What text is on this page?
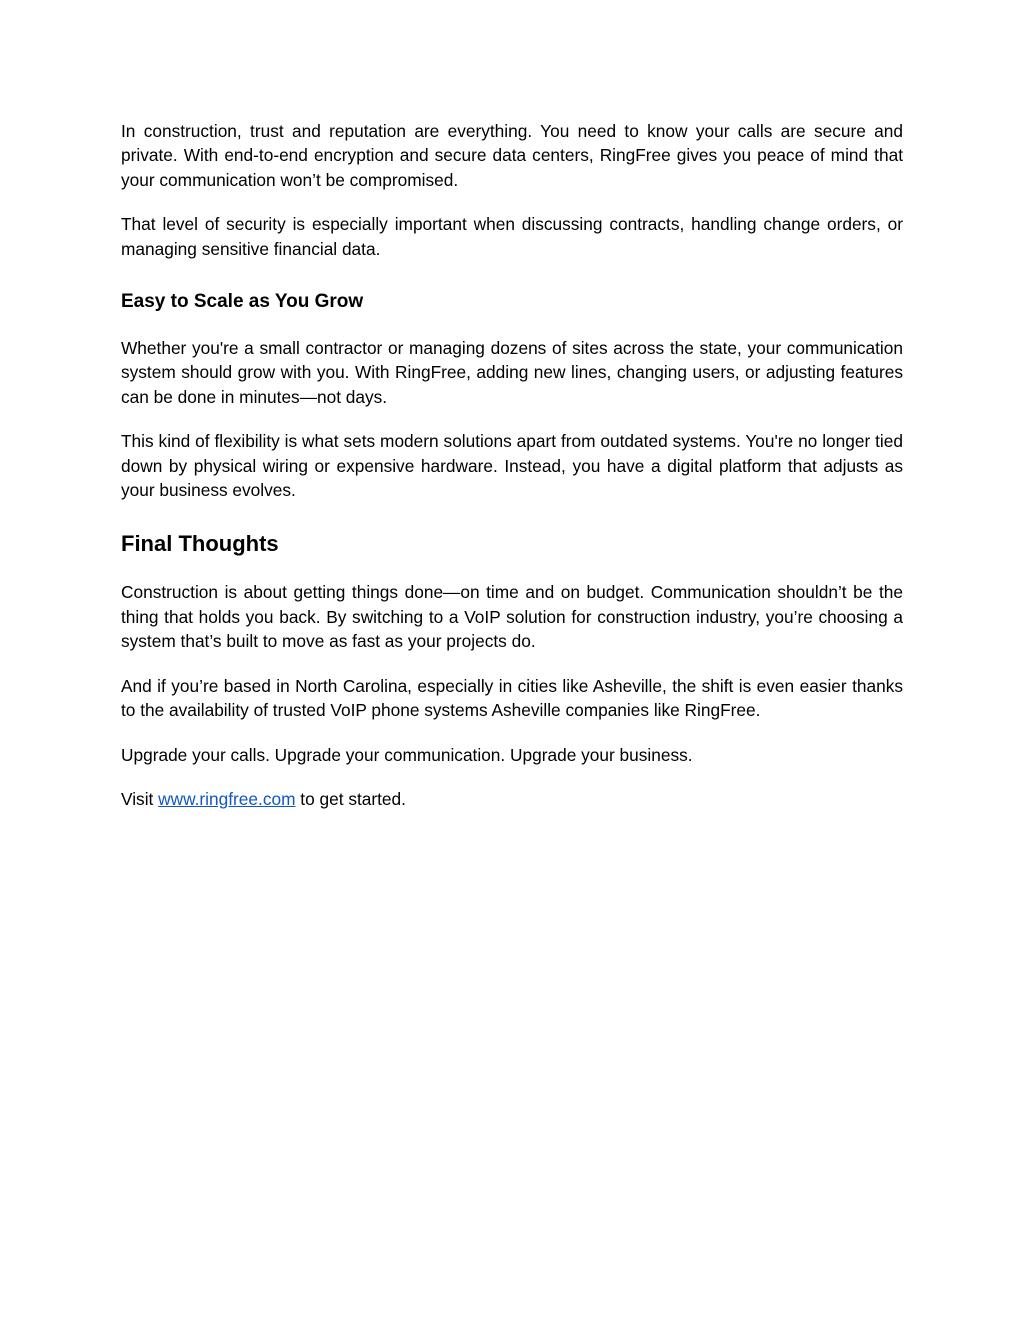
In construction, trust and reputation are everything. You need to know your calls are secure and private. With end-to-end encryption and secure data centers, RingFree gives you peace of mind that your communication won’t be compromised.

That level of security is especially important when discussing contracts, handling change orders, or managing sensitive financial data.

Easy to Scale as You Grow

Whether you're a small contractor or managing dozens of sites across the state, your communication system should grow with you. With RingFree, adding new lines, changing users, or adjusting features can be done in minutes—not days.

This kind of flexibility is what sets modern solutions apart from outdated systems. You're no longer tied down by physical wiring or expensive hardware. Instead, you have a digital platform that adjusts as your business evolves.

Final Thoughts

Construction is about getting things done—on time and on budget. Communication shouldn’t be the thing that holds you back. By switching to a VoIP solution for construction industry, you’re choosing a system that’s built to move as fast as your projects do.

And if you’re based in North Carolina, especially in cities like Asheville, the shift is even easier thanks to the availability of trusted VoIP phone systems Asheville companies like RingFree.

Upgrade your calls. Upgrade your communication. Upgrade your business.

Visit www.ringfree.com to get started.
